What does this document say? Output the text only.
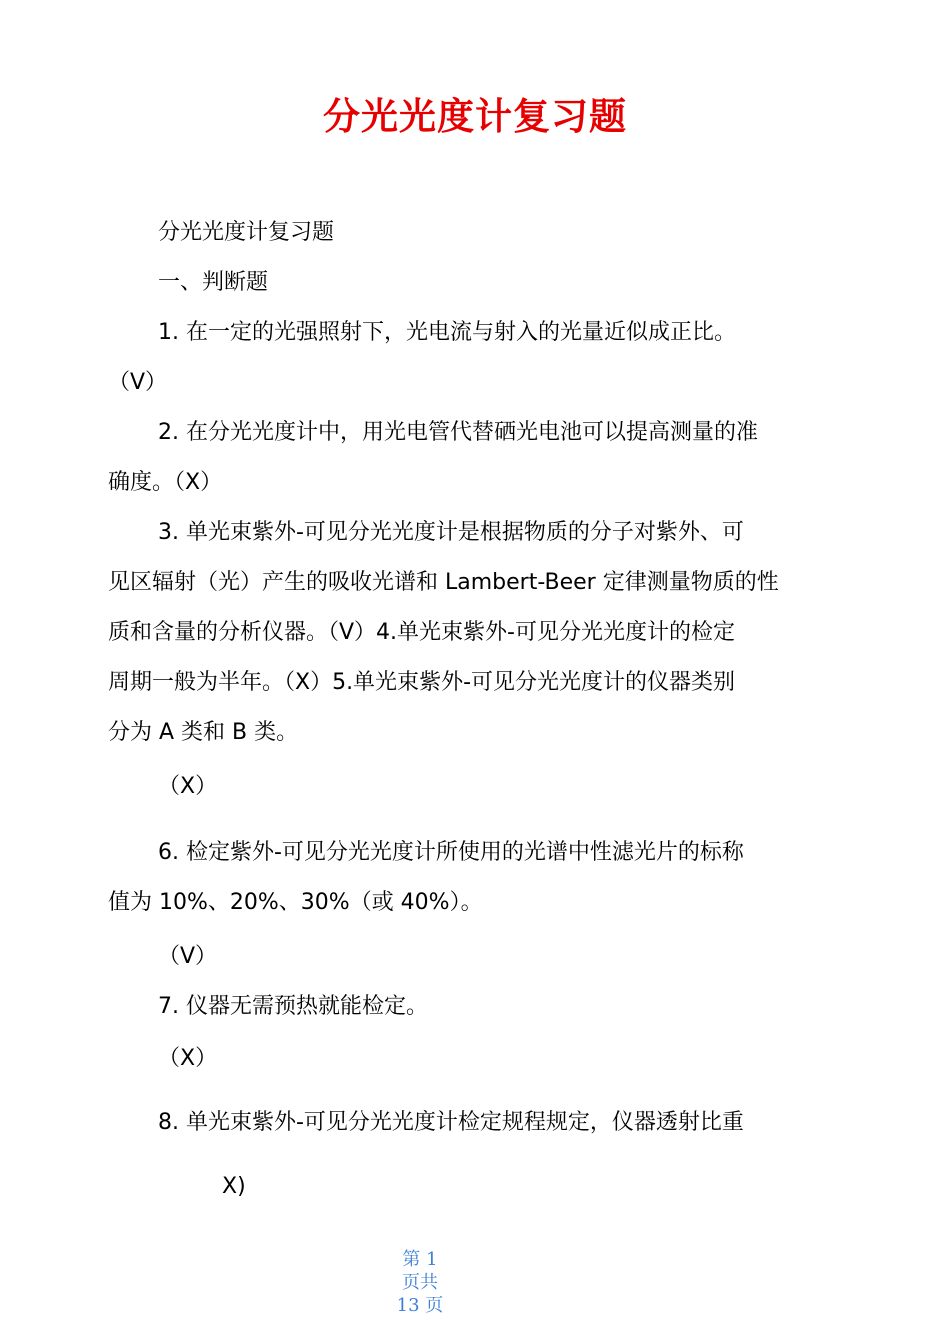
分光光度计复习题
分光光度计复习题
一、判断题
1. 在一定的光强照射下，光电流与射入的光量近似成正比。
（V）
2. 在分光光度计中，用光电管代替硒光电池可以提高测量的准
确度。（X）
3. 单光束紫外-可见分光光度计是根据物质的分子对紫外、可
见区辐射（光）产生的吸收光谱和 Lambert-Beer 定律测量物质的性
质和含量的分析仪器。（V）4.单光束紫外-可见分光光度计的检定
周期一般为半年。（X）5.单光束紫外-可见分光光度计的仪器类别
分为 A 类和 B 类。
（X）
6. 检定紫外-可见分光光度计所使用的光谱中性滤光片的标称
值为 10%、20%、30%（或 40%）。
（V）
7. 仪器无需预热就能检定。
（X）
8. 单光束紫外-可见分光光度计检定规程规定，仪器透射比重
X)
第 1
页共
13 页
